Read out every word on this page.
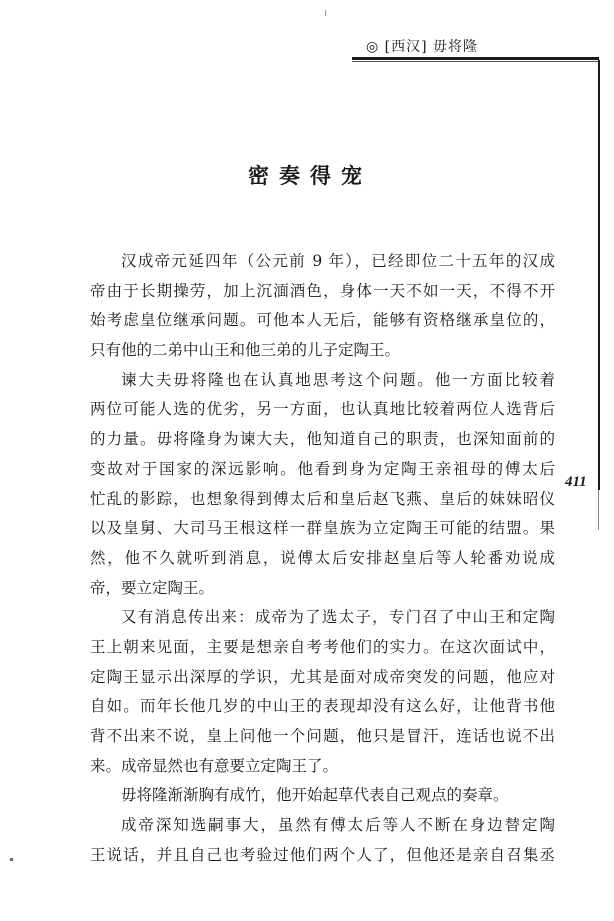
◎ [西汉] 毋将隆
411
密奏得宠
汉成帝元延四年（公元前 9 年），已经即位二十五年的汉成
帝由于长期操劳，加上沉湎酒色，身体一天不如一天，不得不开
始考虑皇位继承问题。可他本人无后，能够有资格继承皇位的，
只有他的二弟中山王和他三弟的儿子定陶王。
谏大夫毋将隆也在认真地思考这个问题。他一方面比较着
两位可能人选的优劣，另一方面，也认真地比较着两位人选背后
的力量。毋将隆身为谏大夫，他知道自己的职责，也深知面前的
变故对于国家的深远影响。他看到身为定陶王亲祖母的傅太后
忙乱的影踪，也想象得到傅太后和皇后赵飞燕、皇后的妹妹昭仪
以及皇舅、大司马王根这样一群皇族为立定陶王可能的结盟。果
然，他不久就听到消息，说傅太后安排赵皇后等人轮番劝说成
帝，要立定陶王。
又有消息传出来：成帝为了选太子，专门召了中山王和定陶
王上朝来见面，主要是想亲自考考他们的实力。在这次面试中，
定陶王显示出深厚的学识，尤其是面对成帝突发的问题，他应对
自如。而年长他几岁的中山王的表现却没有这么好，让他背书他
背不出来不说，皇上问他一个问题，他只是冒汗，连话也说不出
来。成帝显然也有意要立定陶王了。
毋将隆渐渐胸有成竹，他开始起草代表自己观点的奏章。
成帝深知选嗣事大，虽然有傅太后等人不断在身边替定陶
王说话，并且自己也考验过他们两个人了，但他还是亲自召集丞
